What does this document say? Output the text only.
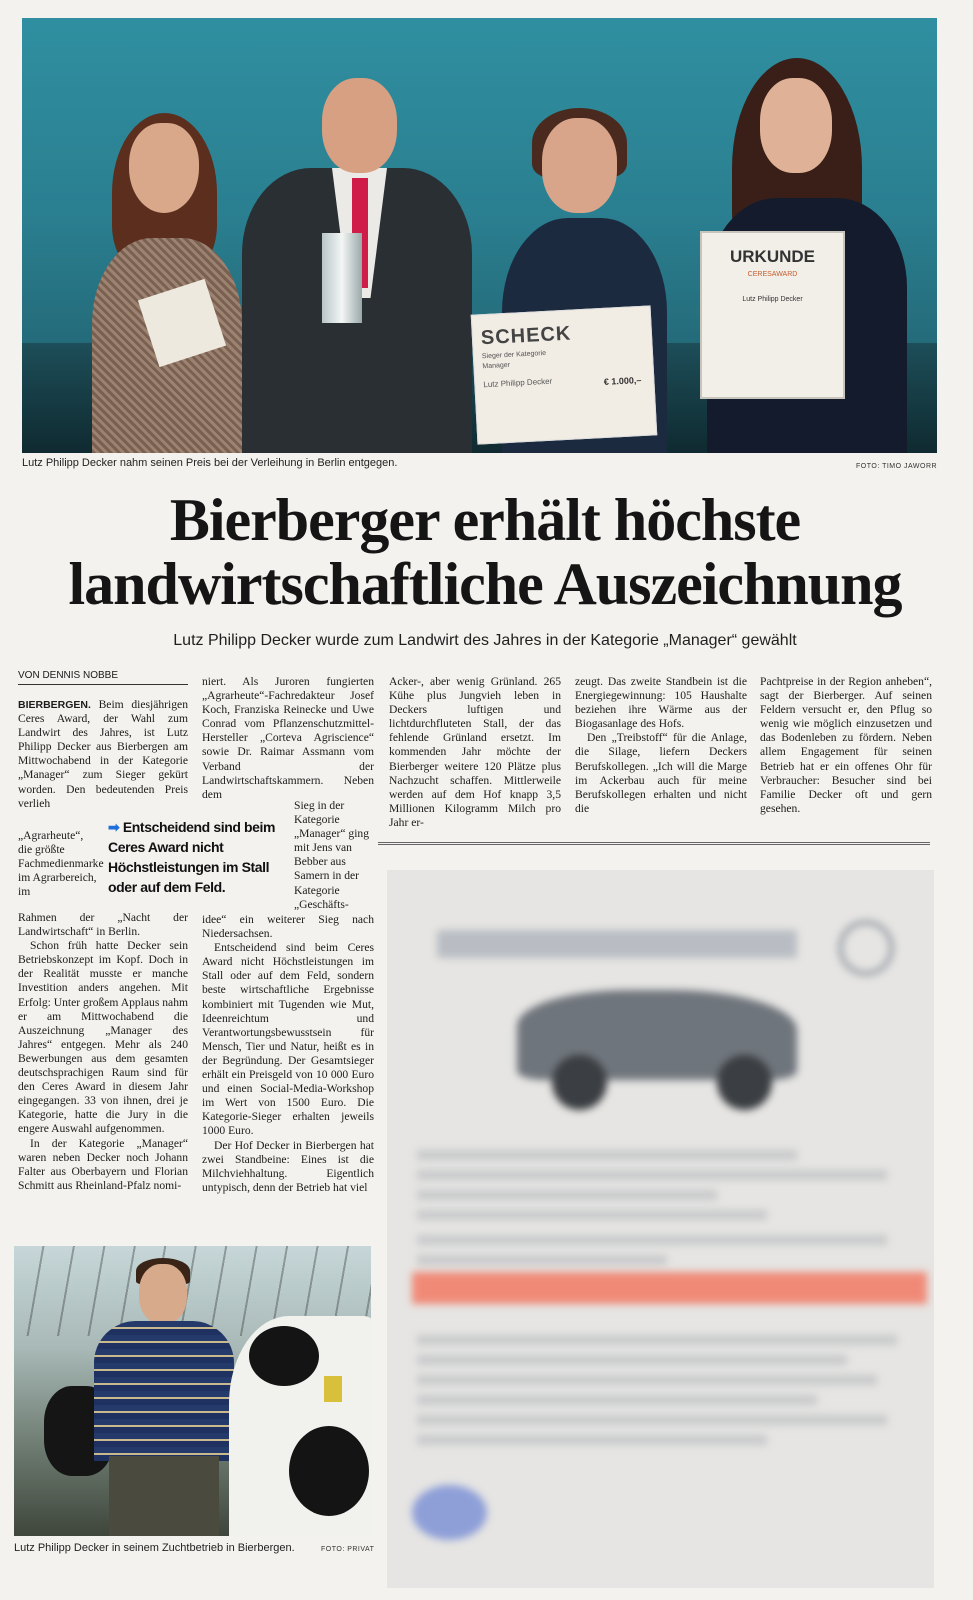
SCHECK
Sieger der Kategorie
Manager
Lutz Philipp Decker	€ 1.000,–
URKUNDE
CERESAWARD
Lutz Philipp Decker
Lutz Philipp Decker nahm seinen Preis bei der Verleihung in Berlin entgegen.	FOTO: TIMO JAWORR
Bierberger erhält höchste
landwirtschaftliche Auszeichnung
Lutz Philipp Decker wurde zum Landwirt des Jahres in der Kategorie „Manager“ gewählt
VON DENNIS NOBBE

BIERBERGEN. Beim diesjährigen Ceres Award, der Wahl zum Landwirt des Jahres, ist Lutz Philipp Decker aus Bierbergen am Mittwochabend in der Kategorie „Manager“ zum Sieger gekürt worden. Den bedeutenden Preis verlieh

„Agrarheute“, die größte Fachmedienmarke im Agrarbereich, im

Rahmen der „Nacht der Landwirtschaft“ in Berlin.

Schon früh hatte Decker sein Betriebskonzept im Kopf. Doch in der Realität musste er manche Investition anders angehen. Mit Erfolg: Unter großem Applaus nahm er am Mittwochabend die Auszeichnung „Manager des Jahres“ entgegen. Mehr als 240 Bewerbungen aus dem gesamten deutschsprachigen Raum sind für den Ceres Award in diesem Jahr eingegangen. 33 von ihnen, drei je Kategorie, hatte die Jury in die engere Auswahl aufgenommen.

In der Kategorie „Manager“ waren neben Decker noch Johann Falter aus Oberbayern und Florian Schmitt aus Rheinland-Pfalz nomi-

➡ Entscheidend sind beim Ceres Award nicht Höchstleistungen im Stall oder auf dem Feld.

niert. Als Juroren fungierten „Agrarheute“-Fachredakteur Josef Koch, Franziska Reinecke und Uwe Conrad vom Pflanzenschutzmittel-Hersteller „Corteva Agriscience“ sowie Dr. Raimar Assmann vom Verband der Landwirtschaftskammern. Neben dem

Sieg in der Kategorie „Manager“ ging mit Jens van Bebber aus Samern in der Kategorie „Geschäfts-

idee“ ein weiterer Sieg nach Niedersachsen.

Entscheidend sind beim Ceres Award nicht Höchstleistungen im Stall oder auf dem Feld, sondern beste wirtschaftliche Ergebnisse kombiniert mit Tugenden wie Mut, Ideenreichtum und Verantwortungsbewusstsein für Mensch, Tier und Natur, heißt es in der Begründung. Der Gesamtsieger erhält ein Preisgeld von 10 000 Euro und einen Social-Media-Workshop im Wert von 1500 Euro. Die Kategorie-Sieger erhalten jeweils 1000 Euro.

Der Hof Decker in Bierbergen hat zwei Standbeine: Eines ist die Milchviehhaltung. Eigentlich untypisch, denn der Betrieb hat viel

Acker-, aber wenig Grünland. 265 Kühe plus Jungvieh leben in Deckers luftigen und lichtdurchfluteten Stall, der das fehlende Grünland ersetzt. Im kommenden Jahr möchte der Bierberger weitere 120 Plätze plus Nachzucht schaffen. Mittlerweile werden auf dem Hof knapp 3,5 Millionen Kilogramm Milch pro Jahr er-

zeugt. Das zweite Standbein ist die Energiegewinnung: 105 Haushalte beziehen ihre Wärme aus der Biogasanlage des Hofs.

Den „Treibstoff“ für die Anlage, die Silage, liefern Deckers Berufskollegen. „Ich will die Marge im Ackerbau auch für meine Berufskollegen erhalten und nicht die

Pachtpreise in der Region anheben“, sagt der Bierberger. Auf seinen Feldern versucht er, den Pflug so wenig wie möglich einzusetzen und das Bodenleben zu fördern. Neben allem Engagement für seinen Betrieb hat er ein offenes Ohr für Verbraucher: Besucher sind bei Familie Decker oft und gern gesehen.

Lutz Philipp Decker in seinem Zuchtbetrieb in Bierbergen.	FOTO: PRIVAT
